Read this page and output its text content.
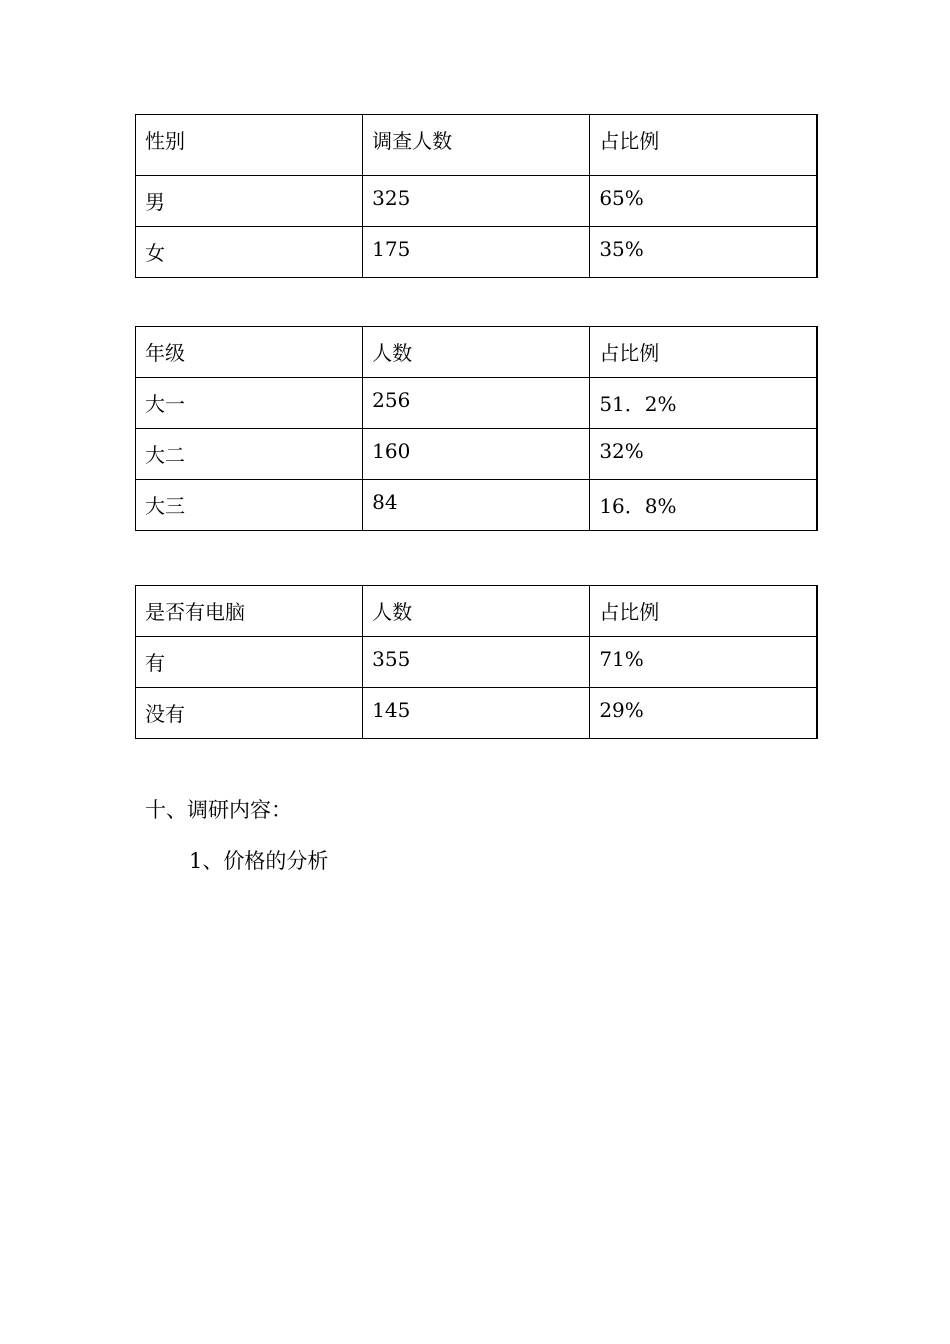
性别	调查人数	占比例
男	325	65%
女	175	35%
年级	人数	占比例
大一	256	51．2%
大二	160	32%
大三	84	16．8%
是否有电脑	人数	占比例
有	355	71%
没有	145	29%
十、调研内容：
1、价格的分析
